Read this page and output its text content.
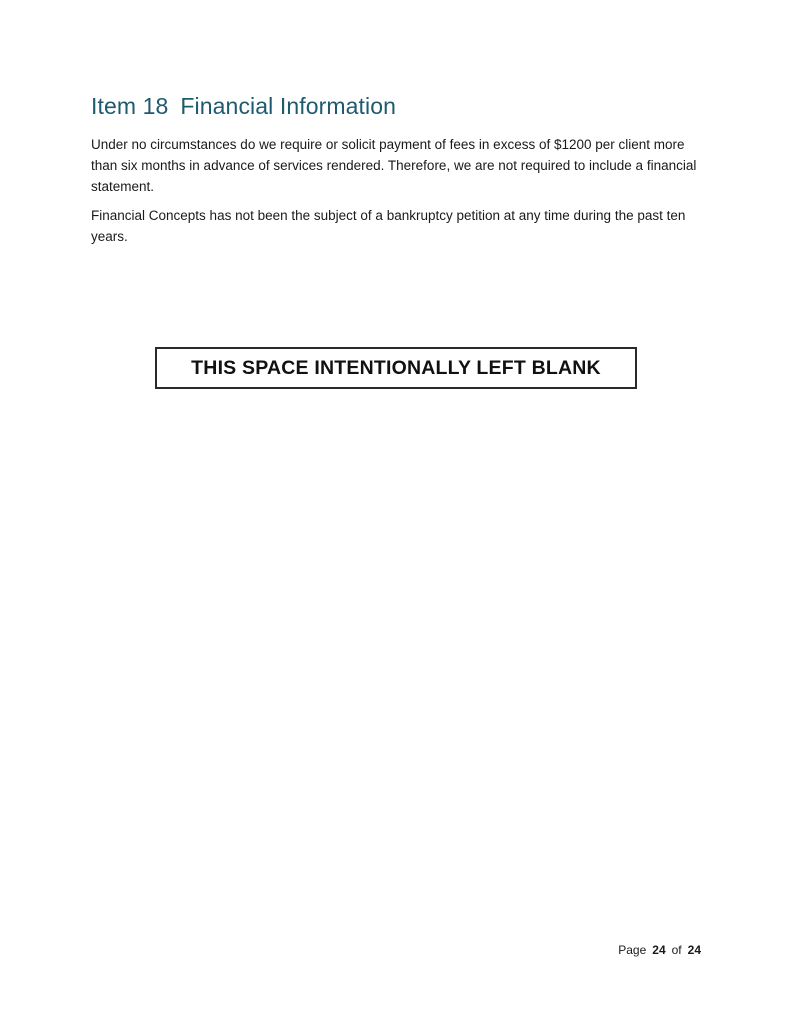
Item 18 Financial Information

Under no circumstances do we require or solicit payment of fees in excess of $1200 per client more than six months in advance of services rendered. Therefore, we are not required to include a financial statement.

Financial Concepts has not been the subject of a bankruptcy petition at any time during the past ten years.

THIS SPACE INTENTIONALLY LEFT BLANK
Page 24 of 24
